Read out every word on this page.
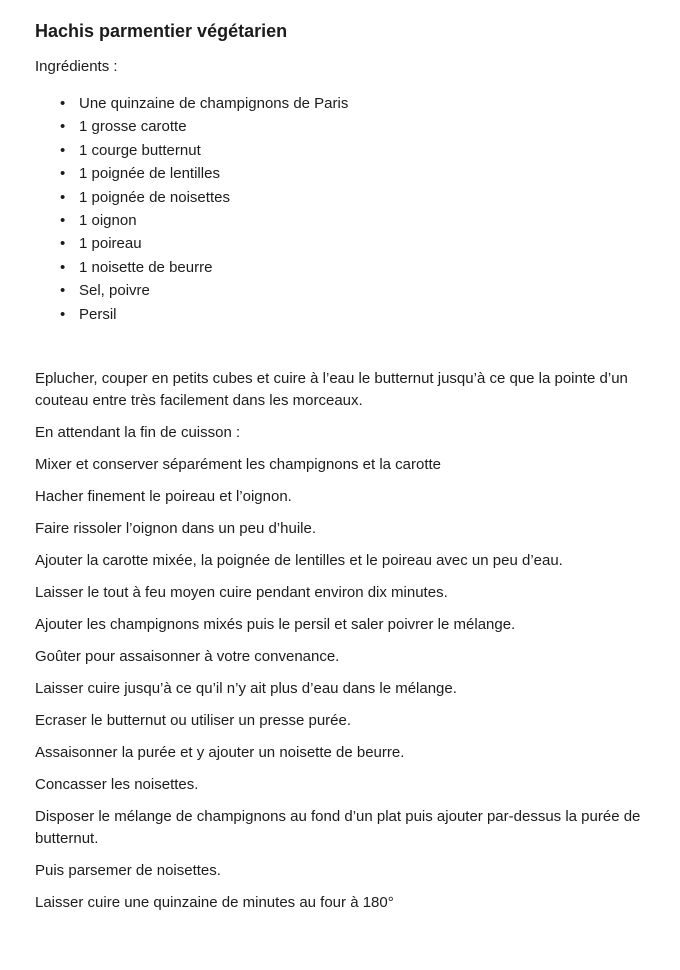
Hachis parmentier végétarien

Ingrédients :

• Une quinzaine de champignons de Paris
• 1 grosse carotte
• 1 courge butternut
• 1 poignée de lentilles
• 1 poignée de noisettes
• 1 oignon
• 1 poireau
• 1 noisette de beurre
• Sel, poivre
• Persil

Eplucher, couper en petits cubes et cuire à l’eau le butternut jusqu’à ce que la pointe d’un couteau entre très facilement dans les morceaux.

En attendant la fin de cuisson :

Mixer et conserver séparément les champignons et la carotte

Hacher finement le poireau et l’oignon.

Faire rissoler l’oignon dans un peu d’huile.

Ajouter la carotte mixée, la poignée de lentilles et le poireau avec un peu d’eau.

Laisser le tout à feu moyen cuire pendant environ dix minutes.

Ajouter les champignons mixés puis le persil et saler poivrer le mélange.

Goûter pour assaisonner à votre convenance.

Laisser cuire jusqu’à ce qu’il n’y ait plus d’eau dans le mélange.

Ecraser le butternut ou utiliser un presse purée.

Assaisonner la purée et y ajouter un noisette de beurre.

Concasser les noisettes.

Disposer le mélange de champignons au fond d’un plat puis ajouter par-dessus la purée de butternut.

Puis parsemer de noisettes.

Laisser cuire une quinzaine de minutes au four à 180°
